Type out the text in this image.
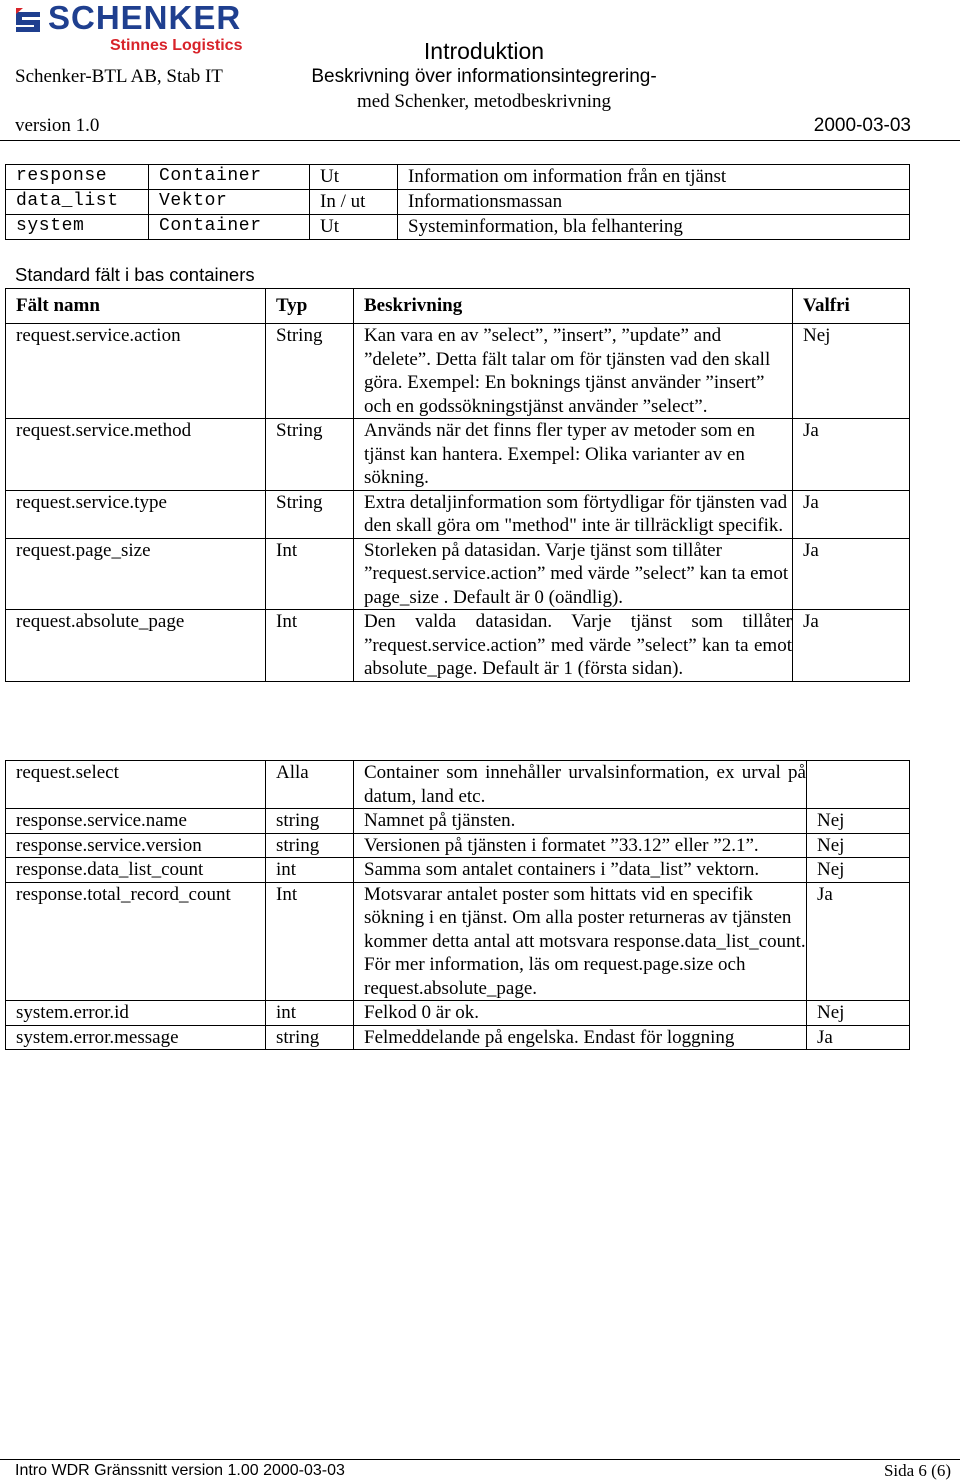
SCHENKER
Stinnes Logistics
Schenker-BTL AB, Stab IT
Introduktion
Beskrivning över informationsintegrering-
med Schenker, metodbeskrivning
version 1.0	2000-03-03
response	Container	Ut	Information om information från en tjänst
data_list	Vektor	In / ut	Informationsmassan
system	Container	Ut	Systeminformation, bla felhantering
Standard fält i bas containers
Fält namn	Typ	Beskrivning	Valfri
request.service.action	String	Kan vara en av ”select”, ”insert”, ”update” and ”delete”. Detta fält talar om för tjänsten vad den skall göra. Exempel: En boknings tjänst använder ”insert” och en godssökningstjänst använder ”select”.	Nej
request.service.method	String	Används när det finns fler typer av metoder som en tjänst kan hantera. Exempel: Olika varianter av en sökning.	Ja
request.service.type	String	Extra detaljinformation som förtydligar för tjänsten vad den skall göra om "method" inte är tillräckligt specifik.	Ja
request.page_size	Int	Storleken på datasidan. Varje tjänst som tillåter ”request.service.action” med värde ”select” kan ta emot page_size . Default är 0 (oändlig).	Ja
request.absolute_page	Int	Den valda datasidan. Varje tjänst som tillåter ”request.service.action” med värde ”select” kan ta emot absolute_page. Default är 1 (första sidan).	Ja
request.select	Alla	Container som innehåller urvalsinformation, ex urval på datum, land etc.	
response.service.name	string	Namnet på tjänsten.	Nej
response.service.version	string	Versionen på tjänsten i formatet ”33.12” eller ”2.1”.	Nej
response.data_list_count	int	Samma som antalet containers i ”data_list” vektorn.	Nej
response.total_record_count	Int	Motsvarar antalet poster som hittats vid en specifik sökning i en tjänst. Om alla poster returneras av tjänsten kommer detta antal att motsvara response.data_list_count. För mer information, läs om request.page.size och request.absolute_page.	Ja
system.error.id	int	Felkod 0 är ok.	Nej
system.error.message	string	Felmeddelande på engelska. Endast för loggning	Ja
Intro WDR Gränssnitt version 1.00 2000-03-03	Sida 6 (6)
